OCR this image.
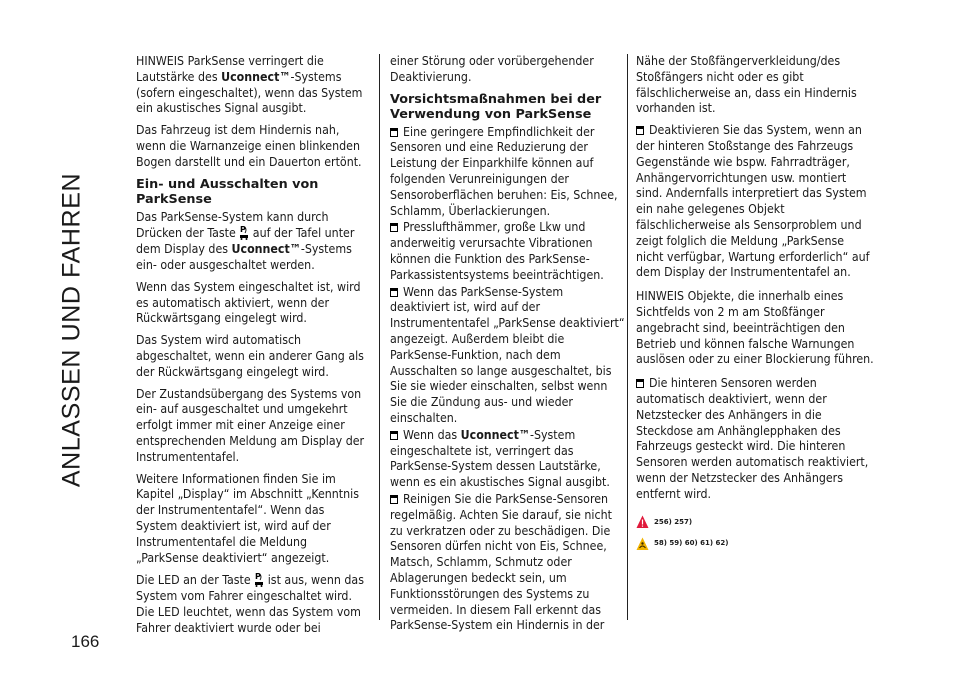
ANLASSEN UND FAHREN
166

HINWEIS ParkSense verringert die Lautstärke des Uconnect™-Systems (sofern eingeschaltet), wenn das System ein akustisches Signal ausgibt.

Das Fahrzeug ist dem Hindernis nah, wenn die Warnanzeige einen blinkenden Bogen darstellt und ein Dauerton ertönt.

Ein- und Ausschalten von ParkSense

Das ParkSense-System kann durch Drücken der Taste P auf der Tafel unter dem Display des Uconnect™-Systems ein- oder ausgeschaltet werden.

Wenn das System eingeschaltet ist, wird es automatisch aktiviert, wenn der Rückwärtsgang eingelegt wird.

Das System wird automatisch abgeschaltet, wenn ein anderer Gang als der Rückwärtsgang eingelegt wird.

Der Zustandsübergang des Systems von ein- auf ausgeschaltet und umgekehrt erfolgt immer mit einer Anzeige einer entsprechenden Meldung am Display der Instrumententafel.

Weitere Informationen finden Sie im Kapitel „Display“ im Abschnitt „Kenntnis der Instrumententafel“. Wenn das System deaktiviert ist, wird auf der Instrumententafel die Meldung „ParkSense deaktiviert“ angezeigt.

Die LED an der Taste P ist aus, wenn das System vom Fahrer eingeschaltet wird. Die LED leuchtet, wenn das System vom Fahrer deaktiviert wurde oder bei

einer Störung oder vorübergehender Deaktivierung.

Vorsichtsmaßnahmen bei der Verwendung von ParkSense

Eine geringere Empfindlichkeit der Sensoren und eine Reduzierung der Leistung der Einparkhilfe können auf folgenden Verunreinigungen der Sensoroberflächen beruhen: Eis, Schnee, Schlamm, Überlackierungen.

Presslufthämmer, große Lkw und anderweitig verursachte Vibrationen können die Funktion des ParkSense-Parkassistentsystems beeinträchtigen.

Wenn das ParkSense-System deaktiviert ist, wird auf der Instrumententafel „ParkSense deaktiviert“ angezeigt. Außerdem bleibt die ParkSense-Funktion, nach dem Ausschalten so lange ausgeschaltet, bis Sie sie wieder einschalten, selbst wenn Sie die Zündung aus- und wieder einschalten.

Wenn das Uconnect™-System eingeschaltete ist, verringert das ParkSense-System dessen Lautstärke, wenn es ein akustisches Signal ausgibt.

Reinigen Sie die ParkSense-Sensoren regelmäßig. Achten Sie darauf, sie nicht zu verkratzen oder zu beschädigen. Die Sensoren dürfen nicht von Eis, Schnee, Matsch, Schlamm, Schmutz oder Ablagerungen bedeckt sein, um Funktionsstörungen des Systems zu vermeiden. In diesem Fall erkennt das ParkSense-System ein Hindernis in der

Nähe der Stoßfängerverkleidung/des Stoßfängers nicht oder es gibt fälschlicherweise an, dass ein Hindernis vorhanden ist.

Deaktivieren Sie das System, wenn an der hinteren Stoßstange des Fahrzeugs Gegenstände wie bspw. Fahrradträger, Anhängervorrichtungen usw. montiert sind. Andernfalls interpretiert das System ein nahe gelegenes Objekt fälschlicherweise als Sensorproblem und zeigt folglich die Meldung „ParkSense nicht verfügbar, Wartung erforderlich“ auf dem Display der Instrumententafel an.

HINWEIS Objekte, die innerhalb eines Sichtfelds von 2 m am Stoßfänger angebracht sind, beeinträchtigen den Betrieb und können falsche Warnungen auslösen oder zu einer Blockierung führen.

Die hinteren Sensoren werden automatisch deaktiviert, wenn der Netzstecker des Anhängers in die Steckdose am Anhänglepphaken des Fahrzeugs gesteckt wird. Die hinteren Sensoren werden automatisch reaktiviert, wenn der Netzstecker des Anhängers entfernt wird.

256) 257)
58) 59) 60) 61) 62)
